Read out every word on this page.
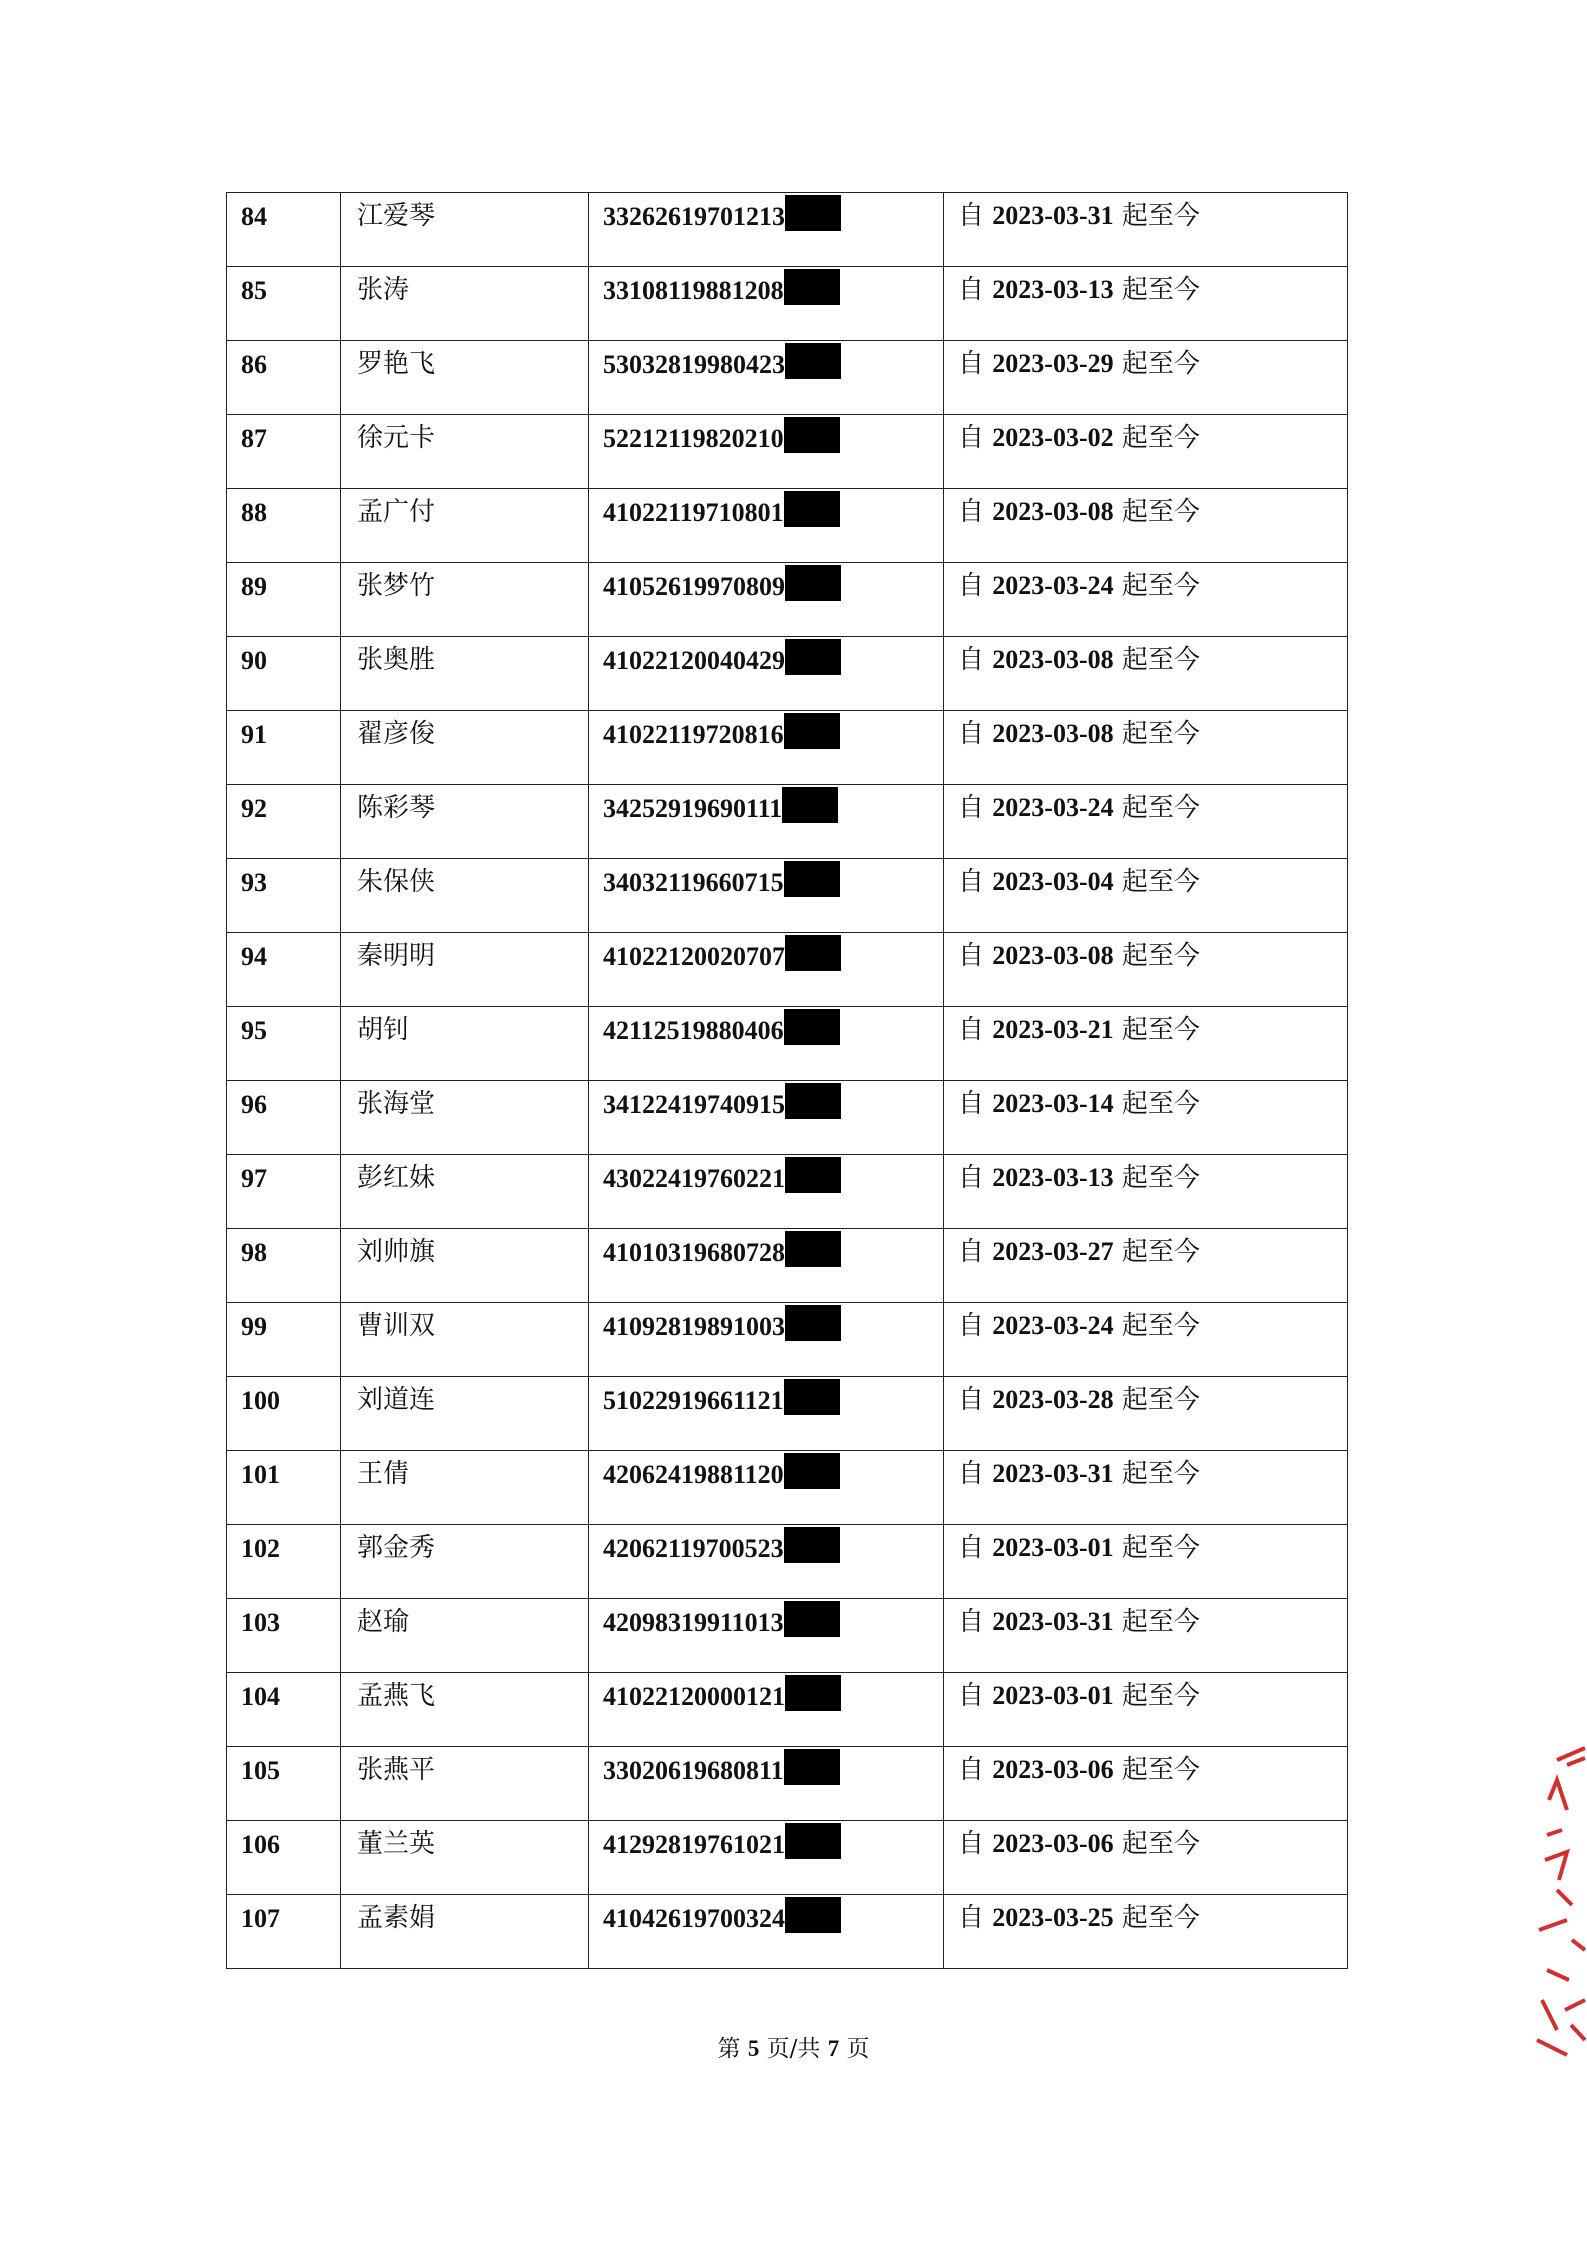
84	江爱琴	33262619701213	自 2023-03-31 起至今
85	张涛	33108119881208	自 2023-03-13 起至今
86	罗艳飞	53032819980423	自 2023-03-29 起至今
87	徐元卡	52212119820210	自 2023-03-02 起至今
88	孟广付	41022119710801	自 2023-03-08 起至今
89	张梦竹	41052619970809	自 2023-03-24 起至今
90	张奥胜	41022120040429	自 2023-03-08 起至今
91	翟彦俊	41022119720816	自 2023-03-08 起至今
92	陈彩琴	34252919690111	自 2023-03-24 起至今
93	朱保侠	34032119660715	自 2023-03-04 起至今
94	秦明明	41022120020707	自 2023-03-08 起至今
95	胡钊	42112519880406	自 2023-03-21 起至今
96	张海堂	34122419740915	自 2023-03-14 起至今
97	彭红妹	43022419760221	自 2023-03-13 起至今
98	刘帅旗	41010319680728	自 2023-03-27 起至今
99	曹训双	41092819891003	自 2023-03-24 起至今
100	刘道连	51022919661121	自 2023-03-28 起至今
101	王倩	42062419881120	自 2023-03-31 起至今
102	郭金秀	42062119700523	自 2023-03-01 起至今
103	赵瑜	42098319911013	自 2023-03-31 起至今
104	孟燕飞	41022120000121	自 2023-03-01 起至今
105	张燕平	33020619680811	自 2023-03-06 起至今
106	董兰英	41292819761021	自 2023-03-06 起至今
107	孟素娟	41042619700324	自 2023-03-25 起至今
第 5 页/共 7 页
